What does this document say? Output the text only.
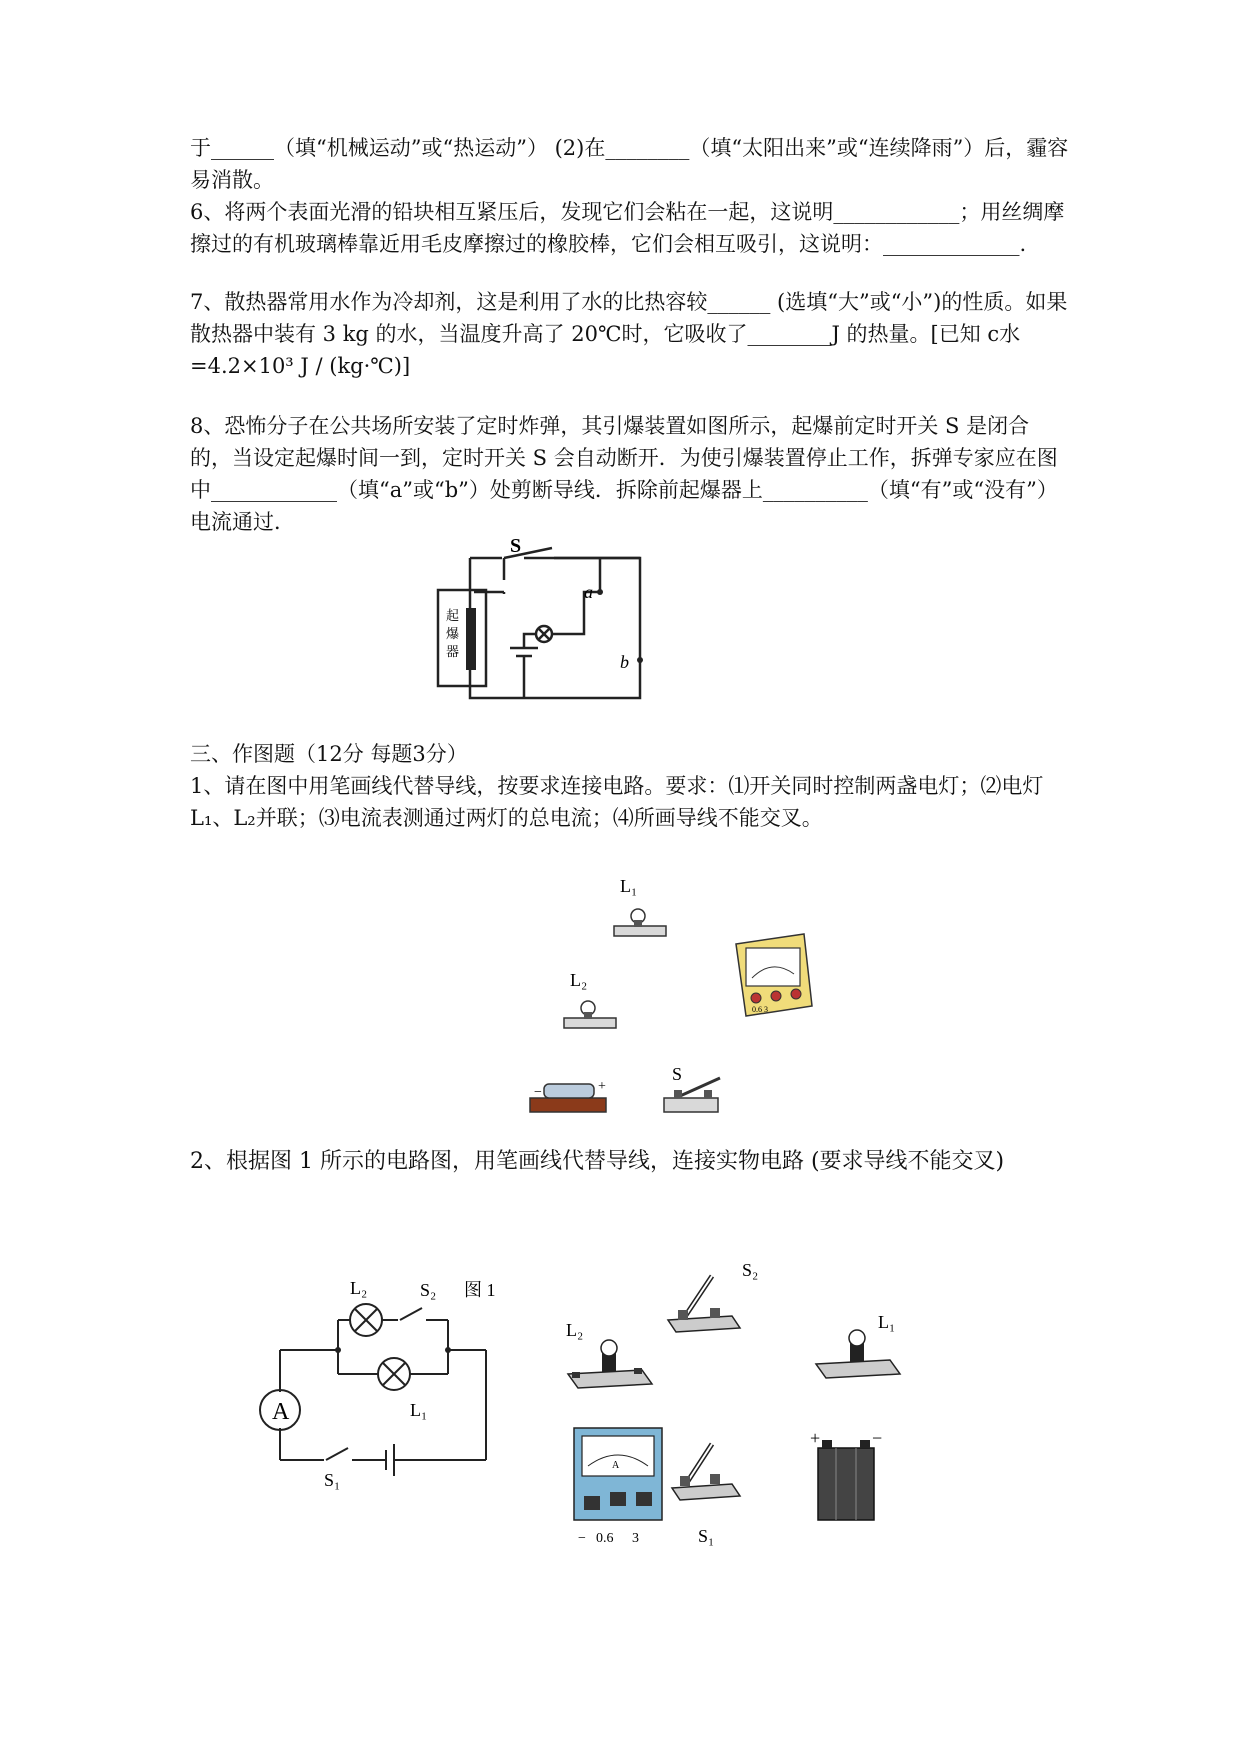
于______（填“机械运动”或“热运动”） (2)在________（填“太阳出来”或“连续降雨”）后，霾容易消散。
6、将两个表面光滑的铅块相互紧压后，发现它们会粘在一起，这说明____________；用丝绸摩擦过的有机玻璃棒靠近用毛皮摩擦过的橡胶棒，它们会相互吸引，这说明：_____________.
7、散热器常用水作为冷却剂，这是利用了水的比热容较______ (选填“大”或“小”)的性质。如果散热器中装有 3 kg 的水，当温度升高了 20℃时，它吸收了________J 的热量。[已知 c水=4.2×10³ J / (kg·℃)]
8、恐怖分子在公共场所安装了定时炸弹，其引爆装置如图所示，起爆前定时开关 S 是闭合的，当设定起爆时间一到，定时开关 S 会自动断开．为使引爆装置停止工作，拆弹专家应在图中____________（填“a”或“b”）处剪断导线．拆除前起爆器上__________（填“有”或“没有”）电流通过．
S
a
b
起
爆
器
三、作图题（12分 每题3分）
1、请在图中用笔画线代替导线，按要求连接电路。要求：⑴开关同时控制两盏电灯；⑵电灯L₁、L₂并联；⑶电流表测通过两灯的总电流；⑷所画导线不能交叉。
L₁
L₂
0.6 3
−	+
S
2、根据图 1 所示的电路图，用笔画线代替导线，连接实物电路 (要求导线不能交叉)
A
L₂	S₂ 图 1
L₁
S₁
L₂
S₂
L₁
A
− 0.6 3	S₁
+	−
